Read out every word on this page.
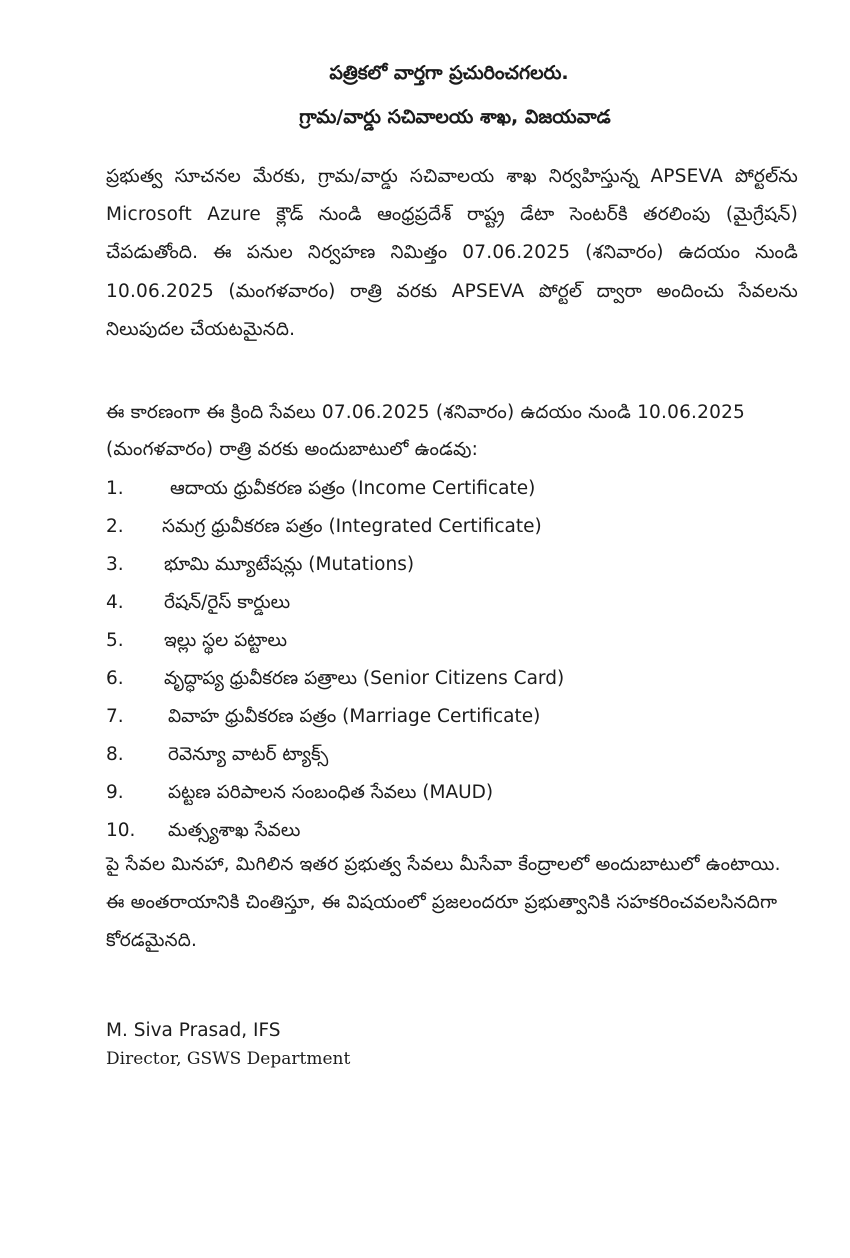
పత్రికలో వార్తగా ప్రచురించగలరు.
గ్రామ/వార్డు సచివాలయ శాఖ, విజయవాడ
ప్రభుత్వ సూచనల మేరకు, గ్రామ/వార్డు సచివాలయ శాఖ నిర్వహిస్తున్న APSEVA పోర్టల్‌ను Microsoft Azure క్లౌడ్ నుండి ఆంధ్రప్రదేశ్ రాష్ట్ర డేటా సెంటర్‌కి తరలింపు (మైగ్రేషన్) చేపడుతోంది. ఈ పనుల నిర్వహణ నిమిత్తం 07.06.2025 (శనివారం) ఉదయం నుండి 10.06.2025 (మంగళవారం) రాత్రి వరకు APSEVA పోర్టల్ ద్వారా అందించు సేవలను నిలుపుదల చేయటమైనది.
ఈ కారణంగా ఈ క్రింది సేవలు 07.06.2025 (శనివారం) ఉదయం నుండి 10.06.2025 (మంగళవారం) రాత్రి వరకు అందుబాటులో ఉండవు:
1.	ఆదాయ ధ్రువీకరణ పత్రం (Income Certificate)
2.	సమగ్ర ధ్రువీకరణ పత్రం (Integrated Certificate)
3.	భూమి మ్యూటేషన్లు (Mutations)
4.	రేషన్/రైస్ కార్డులు
5.	ఇల్లు స్థల పట్టాలు
6.	వృద్ధాప్య ధ్రువీకరణ పత్రాలు (Senior Citizens Card)
7.	వివాహ ధ్రువీకరణ పత్రం (Marriage Certificate)
8.	రెవెన్యూ వాటర్ ట్యాక్స్
9.	పట్టణ పరిపాలన సంబంధిత సేవలు (MAUD)
10.	మత్స్యశాఖ సేవలు
పై సేవల మినహా, మిగిలిన ఇతర ప్రభుత్వ సేవలు మీసేవా కేంద్రాలలో అందుబాటులో ఉంటాయి. ఈ అంతరాయానికి చింతిస్తూ, ఈ విషయంలో ప్రజలందరూ ప్రభుత్వానికి సహకరించవలసినదిగా కోరడమైనది.
M. Siva Prasad, IFS
Director, GSWS Department
